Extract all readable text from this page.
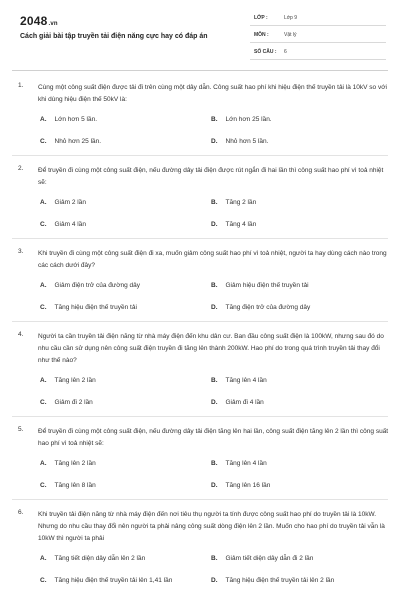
2048.vn
Cách giải bài tập truyền tải điện năng cực hay có đáp án
LỚP :	Lớp 9
MÔN :	Vật lý
SỐ CÂU : 6
1. Cùng một công suất điện được tải đi trên cùng một dây dẫn. Công suất hao phí khi hiệu điện thế truyền tải là 10kV so với khi dùng hiệu điện thế 50kV là:
A. Lớn hơn 5 lần.	B. Lớn hơn 25 lần.
C. Nhỏ hơn 25 lần.	D. Nhỏ hơn 5 lần.
2. Để truyền đi cùng một công suất điện, nếu đường dây tải điện được rút ngắn đi hai lần thì công suất hao phí vì toả nhiệt sẽ:
A. Giảm 2 lần	B. Tăng 2 lần
C. Giảm 4 lần	D. Tăng 4 lần
3. Khi truyền đi cùng một công suất điện đi xa, muốn giảm công suất hao phí vì toả nhiệt, người ta hay dùng cách nào trong các cách dưới đây?
A. Giảm điện trở của đường dây	B. Giảm hiệu điện thế truyền tải
C. Tăng hiệu điện thế truyền tải	D. Tăng điện trở của đường dây
4. Người ta cần truyền tải điện năng từ nhà máy điện đến khu dân cư. Ban đầu công suất điện là 100kW, nhưng sau đó do nhu cầu cần sử dụng nên công suất điện truyền đi tăng lên thành 200kW. Hao phí do trong quá trình truyền tải thay đổi như thế nào?
A. Tăng lên 2 lần	B. Tăng lên 4 lần
C. Giảm đi 2 lần	D. Giảm đi 4 lần
5. Để truyền đi cùng một công suất điện, nếu đường dây tải điện tăng lên hai lần, công suất điện tăng lên 2 lần thì công suất hao phí vì toả nhiệt sẽ:
A. Tăng lên 2 lần	B. Tăng lên 4 lần
C. Tăng lên 8 lần	D. Tăng lên 16 lần
6. Khi truyền tải điện năng từ nhà máy điện đến nơi tiêu thụ người ta tính được công suất hao phí do truyền tải là 10kW. Nhưng do nhu cầu thay đổi nên người ta phải nâng công suất dòng điện lên 2 lần. Muốn cho hao phí do truyền tải vẫn là 10kW thì người ta phải
A. Tăng tiết diện dây dẫn lên 2 lần	B. Giảm tiết diện dây dẫn đi 2 lần
C. Tăng hiệu điện thế truyền tải lên 1,41 lần	D. Tăng hiệu điện thế truyền tải lên 2 lần
